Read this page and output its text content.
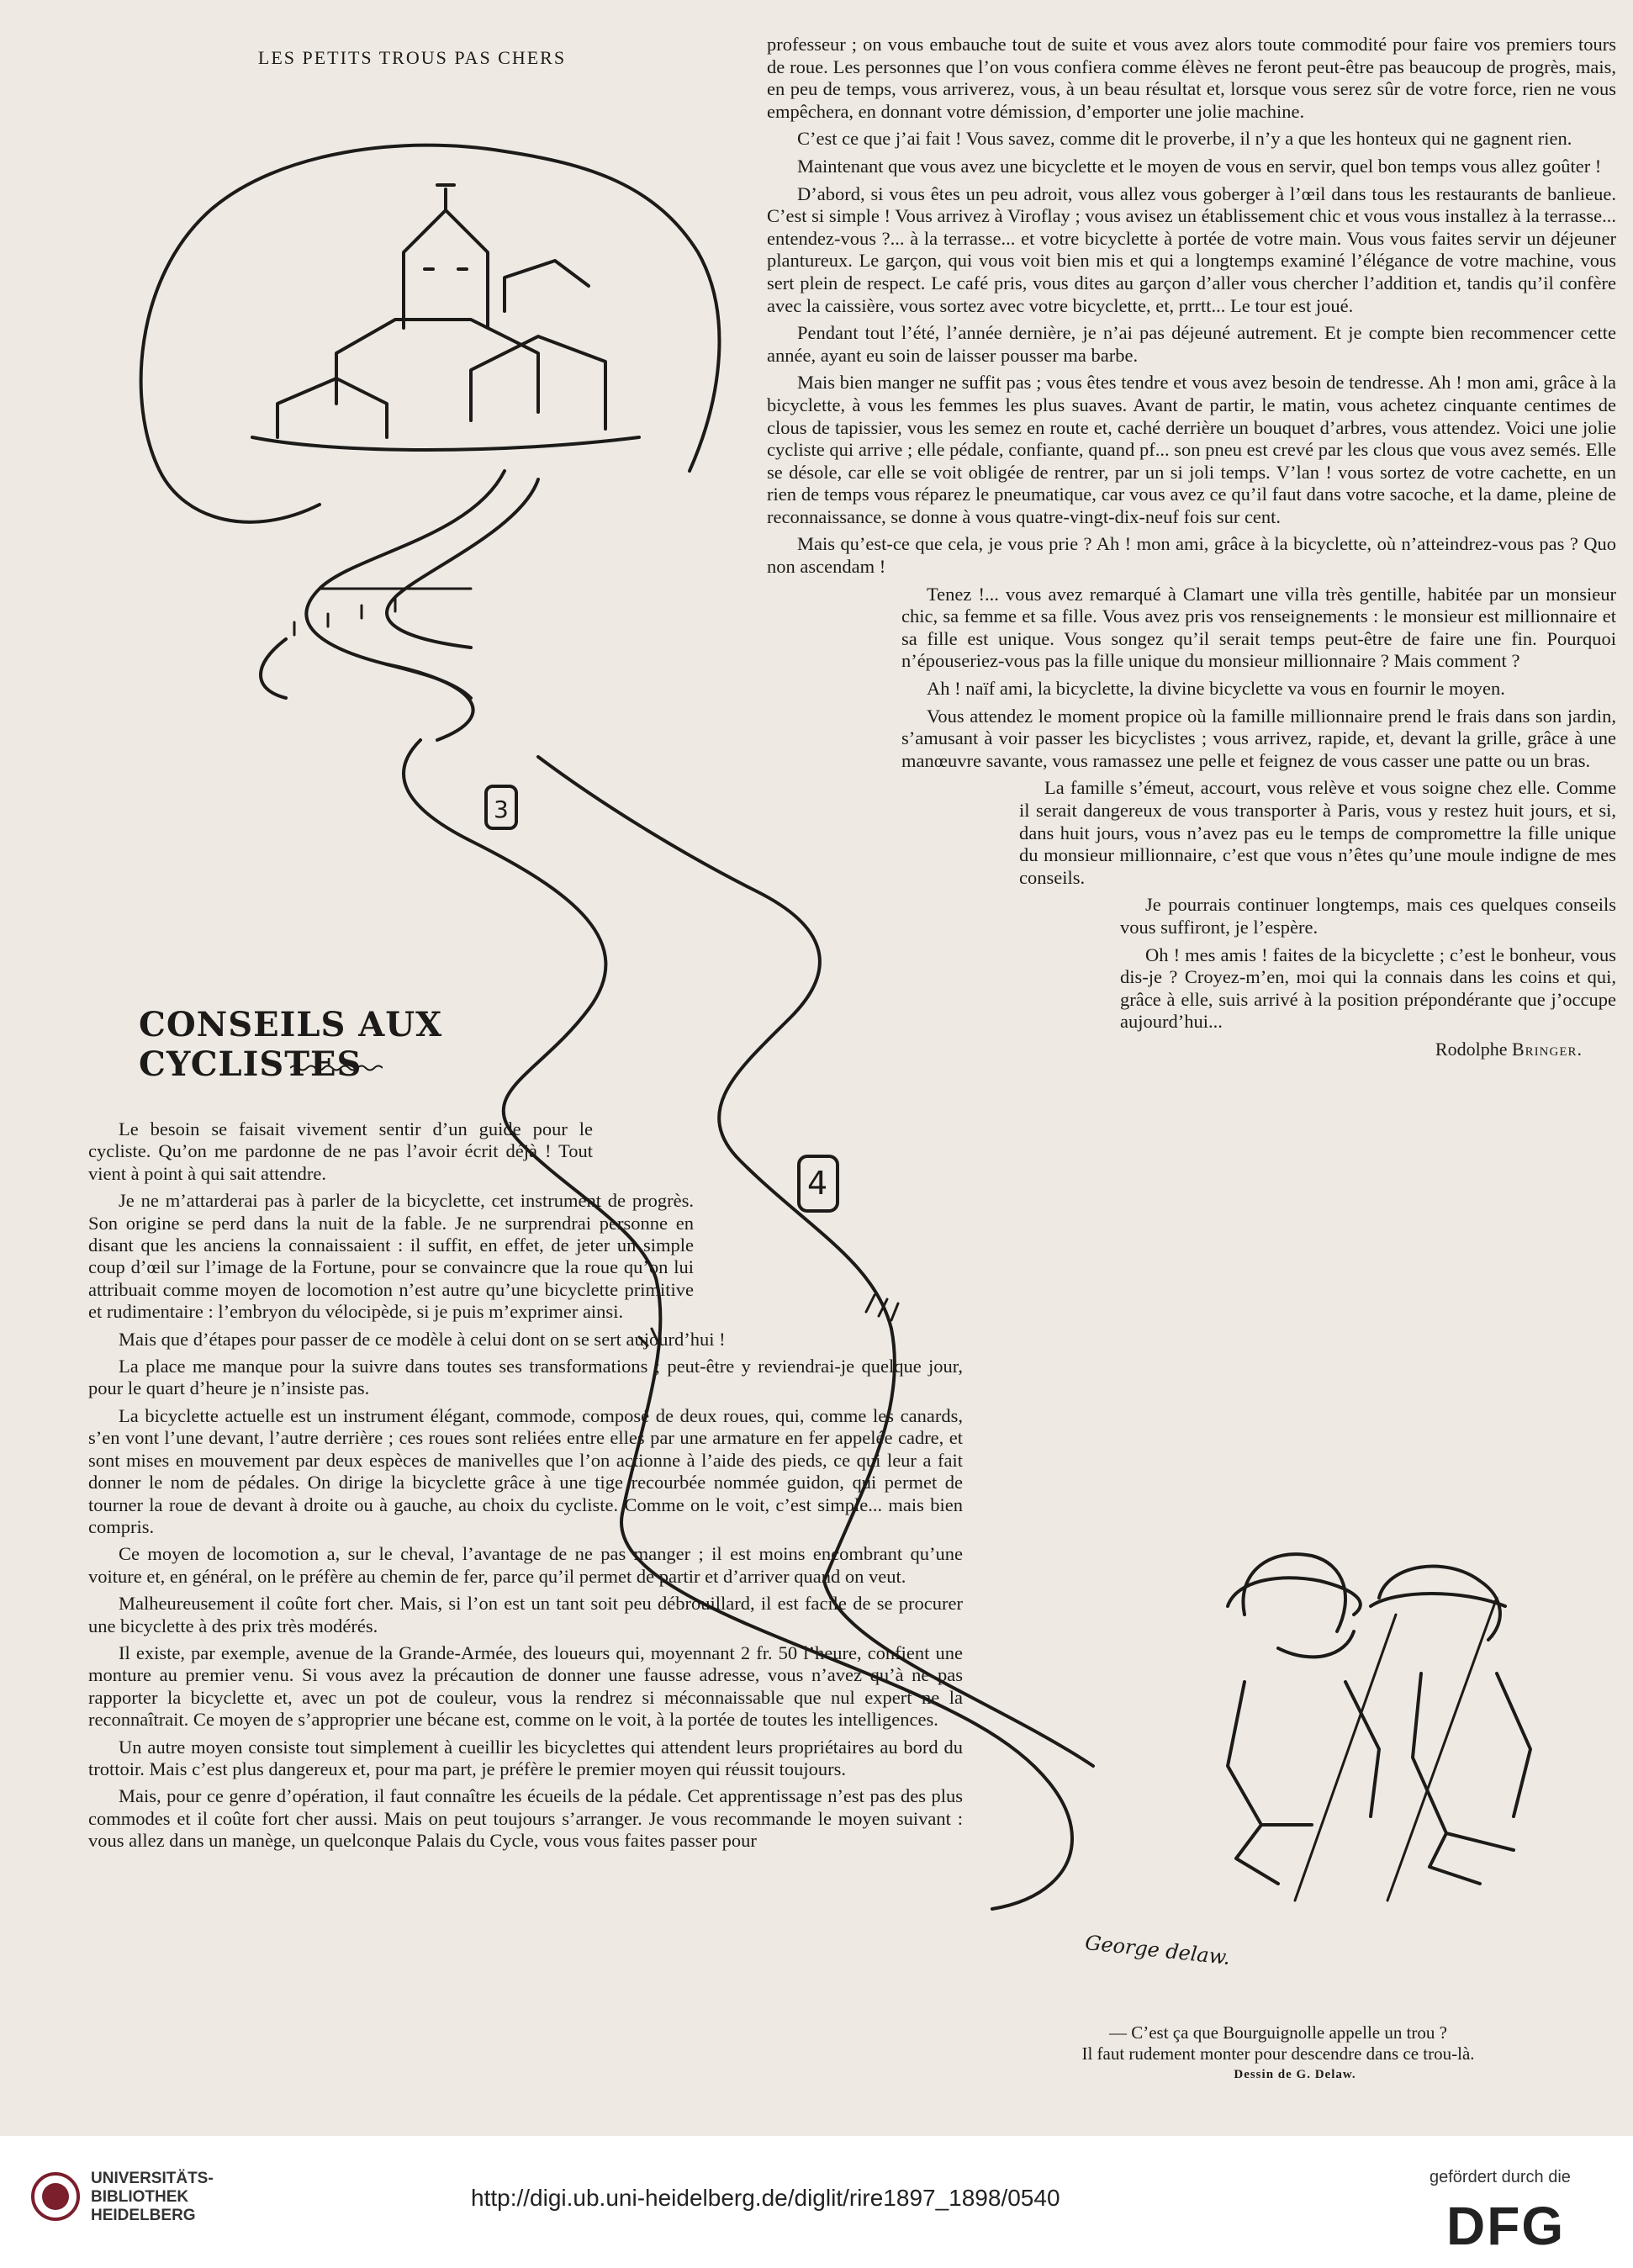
LES PETITS TROUS PAS CHERS
3
4

professeur ; on vous embauche tout de suite et vous avez alors toute commodité pour faire vos premiers tours de roue. Les personnes que l’on vous confiera comme élèves ne feront peut-être pas beaucoup de progrès, mais, en peu de temps, vous arriverez, vous, à un beau résultat et, lorsque vous serez sûr de votre force, rien ne vous empêchera, en donnant votre démission, d’emporter une jolie machine.

C’est ce que j’ai fait ! Vous savez, comme dit le proverbe, il n’y a que les honteux qui ne gagnent rien.

Maintenant que vous avez une bicyclette et le moyen de vous en servir, quel bon temps vous allez goûter !

D’abord, si vous êtes un peu adroit, vous allez vous goberger à l’œil dans tous les restaurants de banlieue. C’est si simple ! Vous arrivez à Viroflay ; vous avisez un établissement chic et vous vous installez à la terrasse... entendez-vous ?... à la terrasse... et votre bicyclette à portée de votre main. Vous vous faites servir un déjeuner plantureux. Le garçon, qui vous voit bien mis et qui a longtemps examiné l’élégance de votre machine, vous sert plein de respect. Le café pris, vous dites au garçon d’aller vous chercher l’addition et, tandis qu’il confère avec la caissière, vous sortez avec votre bicyclette, et, prrtt... Le tour est joué.

Pendant tout l’été, l’année dernière, je n’ai pas déjeuné autrement. Et je compte bien recommencer cette année, ayant eu soin de laisser pousser ma barbe.

Mais bien manger ne suffit pas ; vous êtes tendre et vous avez besoin de tendresse. Ah ! mon ami, grâce à la bicyclette, à vous les femmes les plus suaves. Avant de partir, le matin, vous achetez cinquante centimes de clous de tapissier, vous les semez en route et, caché derrière un bouquet d’arbres, vous attendez. Voici une jolie cycliste qui arrive ; elle pédale, confiante, quand pf... son pneu est crevé par les clous que vous avez semés. Elle se désole, car elle se voit obligée de rentrer, par un si joli temps. V’lan ! vous sortez de votre cachette, en un rien de temps vous réparez le pneumatique, car vous avez ce qu’il faut dans votre sacoche, et la dame, pleine de reconnaissance, se donne à vous quatre-vingt-dix-neuf fois sur cent.

Mais qu’est-ce que cela, je vous prie ? Ah ! mon ami, grâce à la bicyclette, où n’atteindrez-vous pas ? Quo non ascendam !

Tenez !... vous avez remarqué à Clamart une villa très gentille, habitée par un monsieur chic, sa femme et sa fille. Vous avez pris vos renseignements : le monsieur est millionnaire et sa fille est unique. Vous songez qu’il serait temps peut-être de faire une fin. Pourquoi n’épouseriez-vous pas la fille unique du monsieur millionnaire ? Mais comment ?

Ah ! naïf ami, la bicyclette, la divine bicyclette va vous en fournir le moyen.

Vous attendez le moment propice où la famille millionnaire prend le frais dans son jardin, s’amusant à voir passer les bicyclistes ; vous arrivez, rapide, et, devant la grille, grâce à une manœuvre savante, vous ramassez une pelle et feignez de vous casser une patte ou un bras.

La famille s’émeut, accourt, vous relève et vous soigne chez elle. Comme il serait dangereux de vous transporter à Paris, vous y restez huit jours, et si, dans huit jours, vous n’avez pas eu le temps de compromettre la fille unique du monsieur millionnaire, c’est que vous n’êtes qu’une moule indigne de mes conseils.

Je pourrais continuer longtemps, mais ces quelques conseils vous suffiront, je l’espère.

Oh ! mes amis ! faites de la bicyclette ; c’est le bonheur, vous dis-je ? Croyez-m’en, moi qui la connais dans les coins et qui, grâce à elle, suis arrivé à la position prépondérante que j’occupe aujourd’hui...

Rodolphe Bringer.
CONSEILS AUX CYCLISTES

Le besoin se faisait vivement sentir d’un guide pour le cycliste. Qu’on me pardonne de ne pas l’avoir écrit déjà ! Tout vient à point à qui sait attendre.

Je ne m’attarderai pas à parler de la bicyclette, cet instrument de progrès. Son origine se perd dans la nuit de la fable. Je ne surprendrai personne en disant que les anciens la connaissaient : il suffit, en effet, de jeter un simple coup d’œil sur l’image de la Fortune, pour se convaincre que la roue qu’on lui attribuait comme moyen de locomotion n’est autre qu’une bicyclette primitive et rudimentaire : l’embryon du vélocipède, si je puis m’exprimer ainsi.

Mais que d’étapes pour passer de ce modèle à celui dont on se sert aujourd’hui !

La place me manque pour la suivre dans toutes ses transformations ; peut-être y reviendrai-je quelque jour, pour le quart d’heure je n’insiste pas.

La bicyclette actuelle est un instrument élégant, commode, composé de deux roues, qui, comme les canards, s’en vont l’une devant, l’autre derrière ; ces roues sont reliées entre elles par une armature en fer appelée cadre, et sont mises en mouvement par deux espèces de manivelles que l’on actionne à l’aide des pieds, ce qui leur a fait donner le nom de pédales. On dirige la bicyclette grâce à une tige recourbée nommée guidon, qui permet de tourner la roue de devant à droite ou à gauche, au choix du cycliste. Comme on le voit, c’est simple... mais bien compris.

Ce moyen de locomotion a, sur le cheval, l’avantage de ne pas manger ; il est moins encombrant qu’une voiture et, en général, on le préfère au chemin de fer, parce qu’il permet de partir et d’arriver quand on veut.

Malheureusement il coûte fort cher. Mais, si l’on est un tant soit peu débrouillard, il est facile de se procurer une bicyclette à des prix très modérés.

Il existe, par exemple, avenue de la Grande-Armée, des loueurs qui, moyennant 2 fr. 50 l’heure, confient une monture au premier venu. Si vous avez la précaution de donner une fausse adresse, vous n’avez qu’à ne pas rapporter la bicyclette et, avec un pot de couleur, vous la rendrez si méconnaissable que nul expert ne la reconnaîtrait. Ce moyen de s’approprier une bécane est, comme on le voit, à la portée de toutes les intelligences.

Un autre moyen consiste tout simplement à cueillir les bicyclettes qui attendent leurs propriétaires au bord du trottoir. Mais c’est plus dangereux et, pour ma part, je préfère le premier moyen qui réussit toujours.

Mais, pour ce genre d’opération, il faut connaître les écueils de la pédale. Cet apprentissage n’est pas des plus commodes et il coûte fort cher aussi. Mais on peut toujours s’arranger. Je vous recommande le moyen suivant : vous allez dans un manège, un quelconque Palais du Cycle, vous vous faites passer pour

George delaw.
— C’est ça que Bourguignolle appelle un trou ?
Il faut rudement monter pour descendre dans ce trou-là.
Dessin de G. Delaw.
UNIVERSITÄTS-
BIBLIOTHEK
HEIDELBERG
http://digi.ub.uni-heidelberg.de/diglit/rire1897_1898/0540
gefördert durch die
DFG
